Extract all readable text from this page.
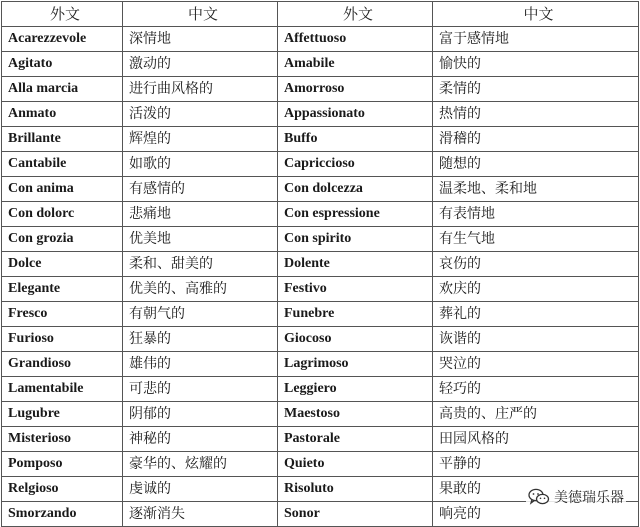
外文	中文	外文	中文
Acarezzevole	深情地	Affettuoso	富于感情地
Agitato	激动的	Amabile	愉快的
Alla marcia	进行曲风格的	Amorroso	柔情的
Anmato	活泼的	Appassionato	热情的
Brillante	辉煌的	Buffo	滑稽的
Cantabile	如歌的	Capriccioso	随想的
Con anima	有感情的	Con dolcezza	温柔地、柔和地
Con dolorc	悲痛地	Con espressione	有表情地
Con grozia	优美地	Con spirito	有生气地
Dolce	柔和、甜美的	Dolente	哀伤的
Elegante	优美的、高雅的	Festivo	欢庆的
Fresco	有朝气的	Funebre	葬礼的
Furioso	狂暴的	Giocoso	诙谐的
Grandioso	雄伟的	Lagrimoso	哭泣的
Lamentabile	可悲的	Leggiero	轻巧的
Lugubre	阴郁的	Maestoso	高贵的、庄严的
Misterioso	神秘的	Pastorale	田园风格的
Pomposo	豪华的、炫耀的	Quieto	平静的
Relgioso	虔诚的	Risoluto	果敢的
Smorzando	逐渐消失	Sonor	响亮的
美德瑞乐器
